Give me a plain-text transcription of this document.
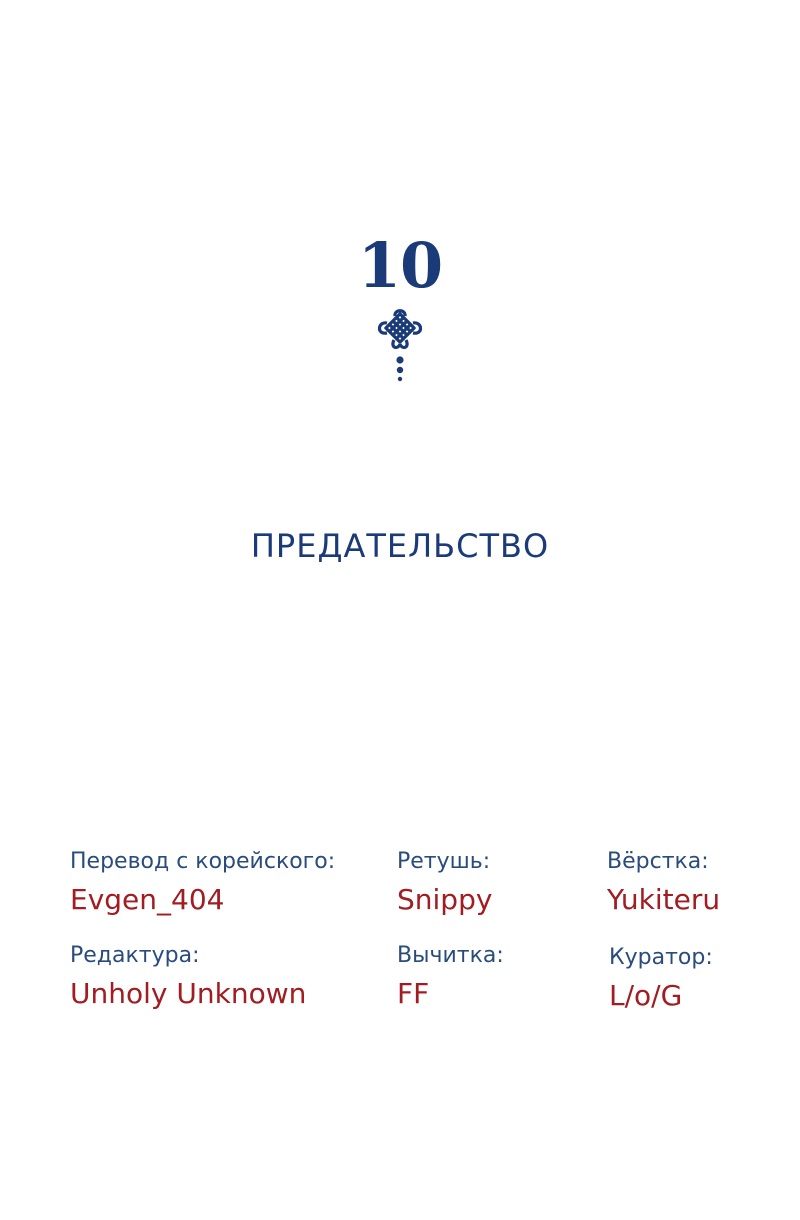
10
ПРЕДАТЕЛЬСТВО
Перевод с корейского:
Evgen_404
Ретушь:
Snippy
Вёрстка:
Yukiteru
Редактура:
Unholy Unknown
Вычитка:
FF
Куратор:
L/o/G
